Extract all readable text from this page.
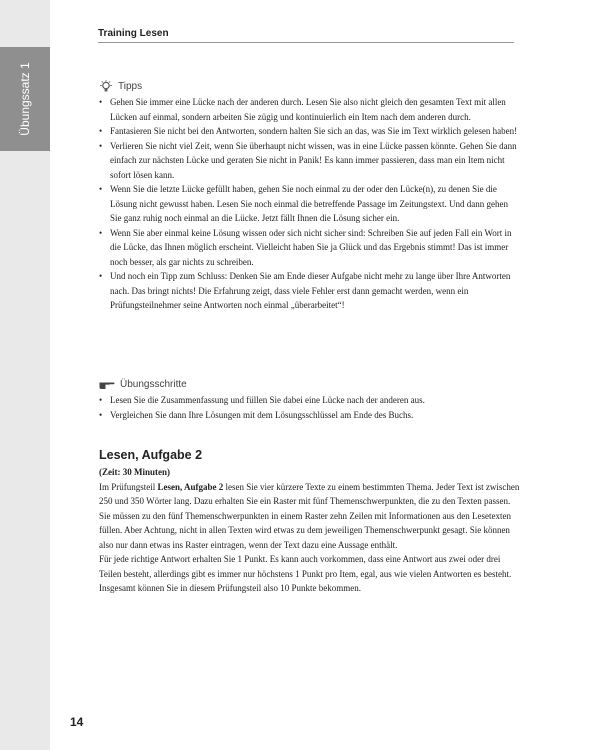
Übungssatz 1
Training Lesen
Tipps
• Gehen Sie immer eine Lücke nach der anderen durch. Lesen Sie also nicht gleich den gesamten Text mit allen Lücken auf einmal, sondern arbeiten Sie zügig und kontinuierlich ein Item nach dem anderen durch.
• Fantasieren Sie nicht bei den Antworten, sondern halten Sie sich an das, was Sie im Text wirklich gelesen haben!
• Verlieren Sie nicht viel Zeit, wenn Sie überhaupt nicht wissen, was in eine Lücke passen könnte. Gehen Sie dann einfach zur nächsten Lücke und geraten Sie nicht in Panik! Es kann immer passieren, dass man ein Item nicht sofort lösen kann.
• Wenn Sie die letzte Lücke gefüllt haben, gehen Sie noch einmal zu der oder den Lücke(n), zu denen Sie die Lösung nicht gewusst haben. Lesen Sie noch einmal die betreffende Passage im Zeitungstext. Und dann gehen Sie ganz ruhig noch einmal an die Lücke. Jetzt fällt Ihnen die Lösung sicher ein.
• Wenn Sie aber einmal keine Lösung wissen oder sich nicht sicher sind: Schreiben Sie auf jeden Fall ein Wort in die Lücke, das Ihnen möglich erscheint. Vielleicht haben Sie ja Glück und das Ergebnis stimmt! Das ist immer noch besser, als gar nichts zu schreiben.
• Und noch ein Tipp zum Schluss: Denken Sie am Ende dieser Aufgabe nicht mehr zu lange über Ihre Antworten nach. Das bringt nichts! Die Erfahrung zeigt, dass viele Fehler erst dann gemacht werden, wenn ein Prüfungsteilnehmer seine Antworten noch einmal „überarbeitet“!
Übungsschritte
• Lesen Sie die Zusammenfassung und füllen Sie dabei eine Lücke nach der anderen aus.
• Vergleichen Sie dann Ihre Lösungen mit dem Lösungsschlüssel am Ende des Buchs.
Lesen, Aufgabe 2

(Zeit: 30 Minuten)

Im Prüfungsteil Lesen, Aufgabe 2 lesen Sie vier kürzere Texte zu einem bestimmten Thema. Jeder Text ist zwischen 250 und 350 Wörter lang. Dazu erhalten Sie ein Raster mit fünf Themenschwerpunkten, die zu den Texten passen. Sie müssen zu den fünf Themenschwerpunkten in einem Raster zehn Zeilen mit Informationen aus den Lesetexten füllen. Aber Achtung, nicht in allen Texten wird etwas zu dem jeweiligen Themenschwerpunkt gesagt. Sie können also nur dann etwas ins Raster eintragen, wenn der Text dazu eine Aussage enthält.

Für jede richtige Antwort erhalten Sie 1 Punkt. Es kann auch vorkommen, dass eine Antwort aus zwei oder drei Teilen besteht, allerdings gibt es immer nur höchstens 1 Punkt pro Item, egal, aus wie vielen Antworten es besteht. Insgesamt können Sie in diesem Prüfungsteil also 10 Punkte bekommen.

14
